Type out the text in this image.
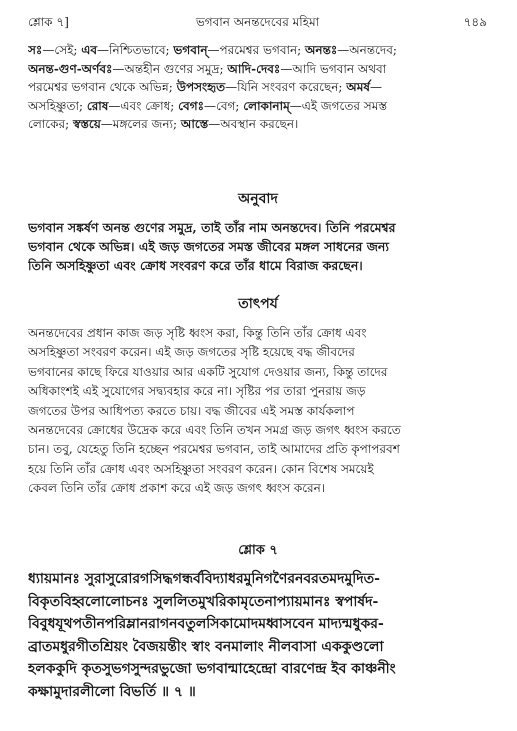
শ্লোক ৭]	ভগবান অনন্তদেবের মহিমা	৭৪৯
সঃ—সেই; এব—নিশ্চিতভাবে; ভগবান্—পরমেশ্বর ভগবান; অনন্তঃ—অনন্তদেব;
অনন্ত-গুণ-অর্ণবঃ—অন্তহীন গুণের সমুদ্র; আদি-দেবঃ—আদি ভগবান অথবা
পরমেশ্বর ভগবান থেকে অভিন্ন; উপসংহৃত—যিনি সংবরণ করেছেন; অমর্ষ—
অসহিষ্ণুতা; রোষ—এবং ক্রোধ; বেগঃ—বেগ; লোকানাম্—এই জগতের সমস্ত
লোকের; স্বস্তয়ে—মঙ্গলের জন্য; আস্তে—অবস্থান করছেন।

অনুবাদ

ভগবান সঙ্কর্ষণ অনন্ত গুণের সমুদ্র, তাই তাঁর নাম অনন্তদেব। তিনি পরমেশ্বর
ভগবান থেকে অভিন্ন। এই জড় জগতের সমস্ত জীবের মঙ্গল সাধনের জন্য
তিনি অসহিষ্ণুতা এবং ক্রোধ সংবরণ করে তাঁর ধামে বিরাজ করছেন।

তাৎপর্য

অনন্তদেবের প্রধান কাজ জড় সৃষ্টি ধ্বংস করা, কিন্তু তিনি তাঁর ক্রোধ এবং
অসহিষ্ণুতা সংবরণ করেন। এই জড় জগতের সৃষ্টি হয়েছে বদ্ধ জীবদের
ভগবানের কাছে ফিরে যাওয়ার আর একটি সুযোগ দেওয়ার জন্য, কিন্তু তাদের
অধিকাংশই এই সুযোগের সদ্ব্যবহার করে না। সৃষ্টির পর তারা পুনরায় জড়
জগতের উপর আধিপত্য করতে চায়। বদ্ধ জীবের এই সমস্ত কার্যকলাপ
অনন্তদেবের ক্রোধের উদ্রেক করে এবং তিনি তখন সমগ্র জড় জগৎ ধ্বংস করতে
চান। তবু, যেহেতু তিনি হচ্ছেন পরমেশ্বর ভগবান, তাই আমাদের প্রতি কৃপাপরবশ
হয়ে তিনি তাঁর ক্রোধ এবং অসহিষ্ণুতা সংবরণ করেন। কোন বিশেষ সময়েই
কেবল তিনি তাঁর ক্রোধ প্রকাশ করে এই জড় জগৎ ধ্বংস করেন।

শ্লোক ৭

ধ্যায়মানঃ সুরাসুরোরগসিদ্ধগন্ধর্ববিদ্যাধরমুনিগণৈরনবরতমদমুদিত-
বিকৃতবিহ্বলোলোচনঃ সুললিতমুখরিকামৃতেনাপ্যায়মানঃ স্বপার্ষদ-
বিবুধযূথপতীনপরিম্লানরাগনবতুলসিকামোদমধ্বাসবেন মাদ্যন্মধুকর-
ব্রাতমধুরগীতশ্রিয়ং বৈজয়ন্তীং স্বাং বনমালাং নীলবাসা এককুণ্ডলো
হলককুদি কৃতসুভগসুন্দরভুজো ভগবান্মাহেন্দ্রো বারণেন্দ্র ইব কাঞ্চনীং
কক্ষামুদারলীলো বিভর্তি ॥ ৭ ॥
